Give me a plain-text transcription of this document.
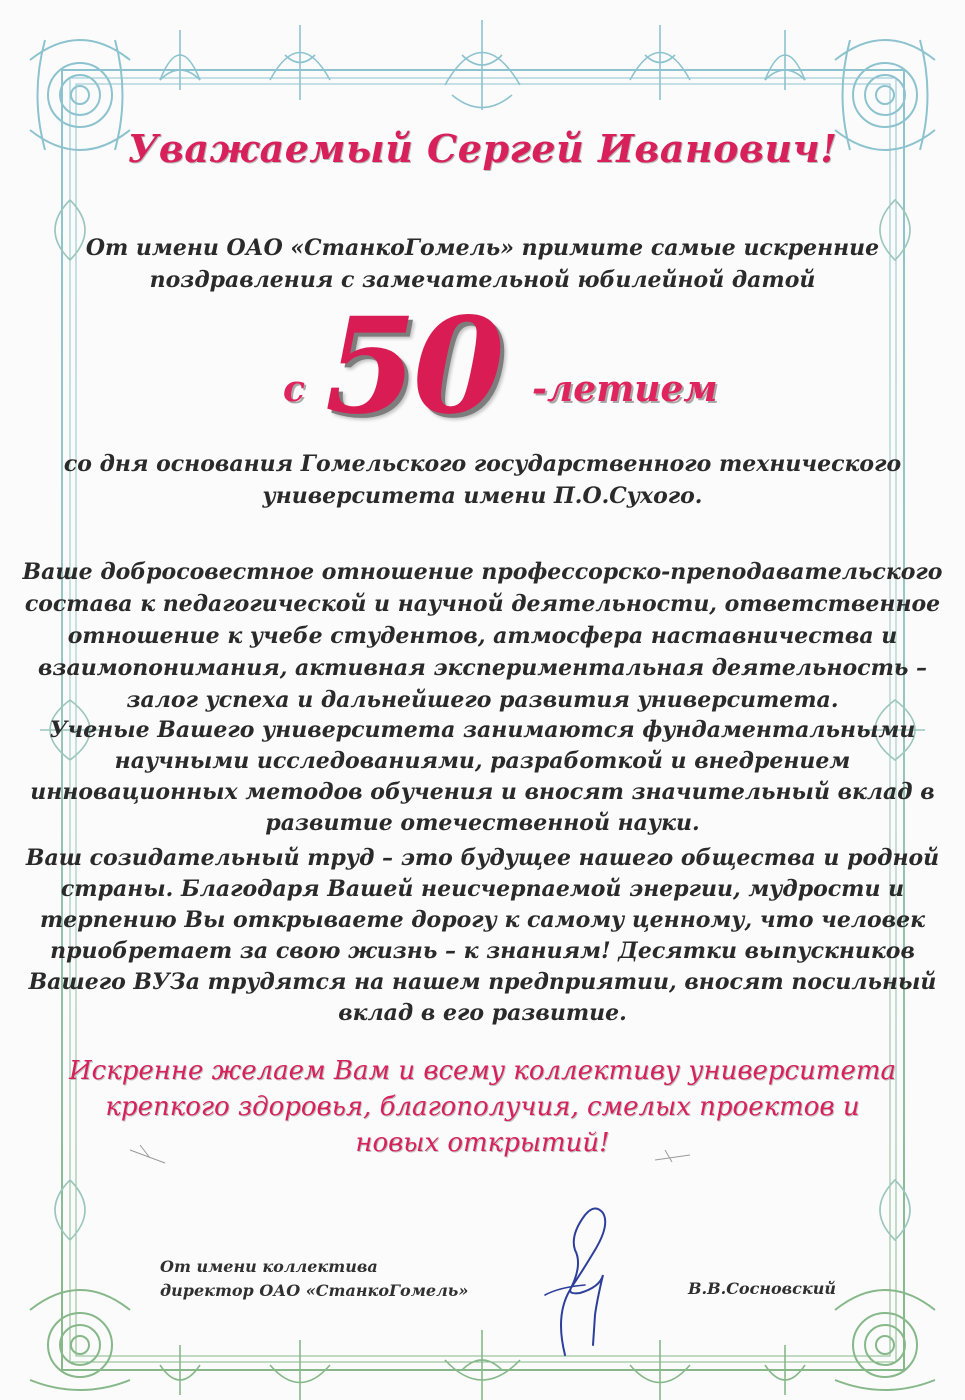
Уважаемый Сергей Иванович!

От имени ОАО «СтанкоГомель» примите самые искренние
поздравления с замечательной юбилейной датой

с 50 -летием

со дня основания Гомельского государственного технического
университета имени П.О.Сухого.

Ваше добросовестное отношение профессорско-преподавательского
состава к педагогической и научной деятельности, ответственное
отношение к учебе студентов, атмосфера наставничества и
взаимопонимания, активная экспериментальная деятельность –
залог успеха и дальнейшего развития университета.

Ученые Вашего университета занимаются фундаментальными
научными исследованиями, разработкой и внедрением
инновационных методов обучения и вносят значительный вклад в
развитие отечественной науки.

Ваш созидательный труд – это будущее нашего общества и родной
страны. Благодаря Вашей неисчерпаемой энергии, мудрости и
терпению Вы открываете дорогу к самому ценному, что человек
приобретает за свою жизнь – к знаниям! Десятки выпускников
Вашего ВУЗа трудятся на нашем предприятии, вносят посильный
вклад в его развитие.

Искренне желаем Вам и всему коллективу университета
крепкого здоровья, благополучия, смелых проектов и
новых открытий!

От имени коллектива
директор ОАО «СтанкоГомель»	В.В.Сосновский
